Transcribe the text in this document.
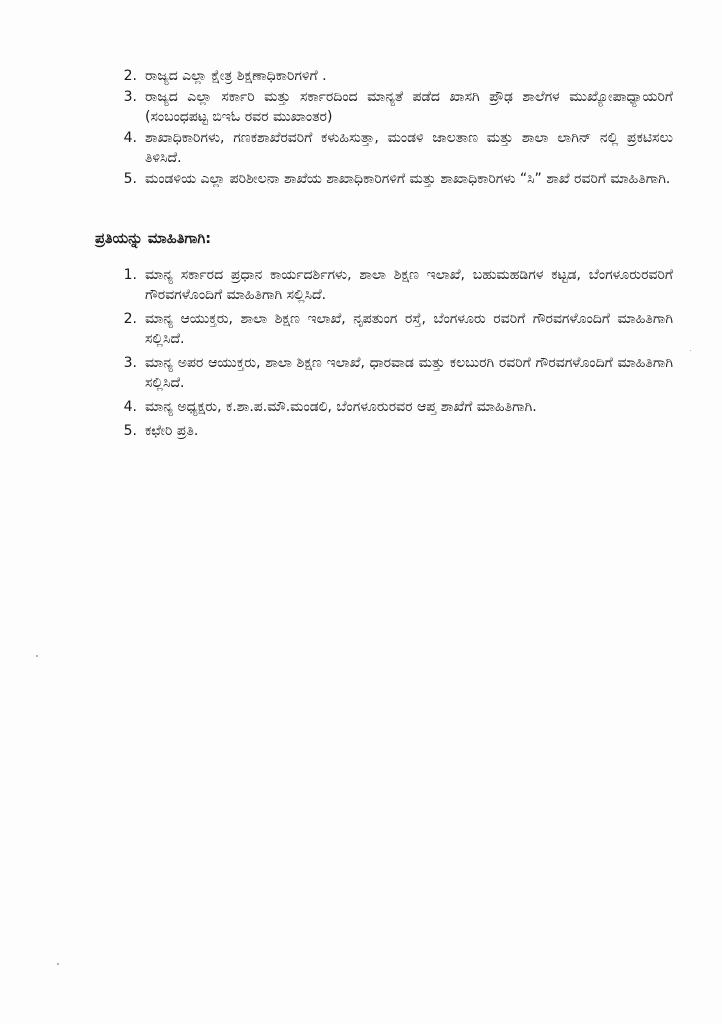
2. ರಾಜ್ಯದ ಎಲ್ಲಾ ಕ್ಷೇತ್ರ ಶಿಕ್ಷಣಾಧಿಕಾರಿಗಳಿಗೆ .
3. ರಾಜ್ಯದ ಎಲ್ಲಾ ಸರ್ಕಾರಿ ಮತ್ತು ಸರ್ಕಾರದಿಂದ ಮಾನ್ಯತೆ ಪಡೆದ ಖಾಸಗಿ ಪ್ರೌಢ ಶಾಲೆಗಳ ಮುಖ್ಯೋಪಾಧ್ಯಾಯರಿಗೆ (ಸಂಬಂಧಪಟ್ಟ ಬಿಇಓ ರವರ ಮುಖಾಂತರ)
4. ಶಾಖಾಧಿಕಾರಿಗಳು, ಗಣಕಶಾಖೆರವರಿಗೆ ಕಳುಹಿಸುತ್ತಾ, ಮಂಡಳಿ ಜಾಲತಾಣ ಮತ್ತು ಶಾಲಾ ಲಾಗಿನ್ ನಲ್ಲಿ ಪ್ರಕಟಿಸಲು ತಿಳಿಸಿದೆ.
5. ಮಂಡಳಿಯ ಎಲ್ಲಾ ಪರಿಶೀಲನಾ ಶಾಖೆಯ ಶಾಖಾಧಿಕಾರಿಗಳಿಗೆ ಮತ್ತು ಶಾಖಾಧಿಕಾರಿಗಳು “ಸಿ” ಶಾಖೆ ರವರಿಗೆ ಮಾಹಿತಿಗಾಗಿ.
ಪ್ರತಿಯನ್ನು ಮಾಹಿತಿಗಾಗಿ:
1. ಮಾನ್ಯ ಸರ್ಕಾರದ ಪ್ರಧಾನ ಕಾರ್ಯದರ್ಶಿಗಳು, ಶಾಲಾ ಶಿಕ್ಷಣ ಇಲಾಖೆ, ಬಹುಮಹಡಿಗಳ ಕಟ್ಟಡ, ಬೆಂಗಳೂರುರವರಿಗೆ ಗೌರವಗಳೊಂದಿಗೆ ಮಾಹಿತಿಗಾಗಿ ಸಲ್ಲಿಸಿದೆ.
2. ಮಾನ್ಯ ಆಯುಕ್ತರು, ಶಾಲಾ ಶಿಕ್ಷಣ ಇಲಾಖೆ, ನೃಪತುಂಗ ರಸ್ತೆ, ಬೆಂಗಳೂರು ರವರಿಗೆ ಗೌರವಗಳೊಂದಿಗೆ ಮಾಹಿತಿಗಾಗಿ ಸಲ್ಲಿಸಿದೆ.
3. ಮಾನ್ಯ ಅಪರ ಆಯುಕ್ತರು, ಶಾಲಾ ಶಿಕ್ಷಣ ಇಲಾಖೆ, ಧಾರವಾಡ ಮತ್ತು ಕಲಬುರಗಿ ರವರಿಗೆ ಗೌರವಗಳೊಂದಿಗೆ ಮಾಹಿತಿಗಾಗಿ ಸಲ್ಲಿಸಿದೆ.
4. ಮಾನ್ಯ ಅಧ್ಯಕ್ಷರು, ಕ.ಶಾ.ಪ.ಮೌ.ಮಂಡಲಿ, ಬೆಂಗಳೂರುರವರ ಆಪ್ತ ಶಾಖೆಗೆ ಮಾಹಿತಿಗಾಗಿ.
5. ಕಛೇರಿ ಪ್ರತಿ.
